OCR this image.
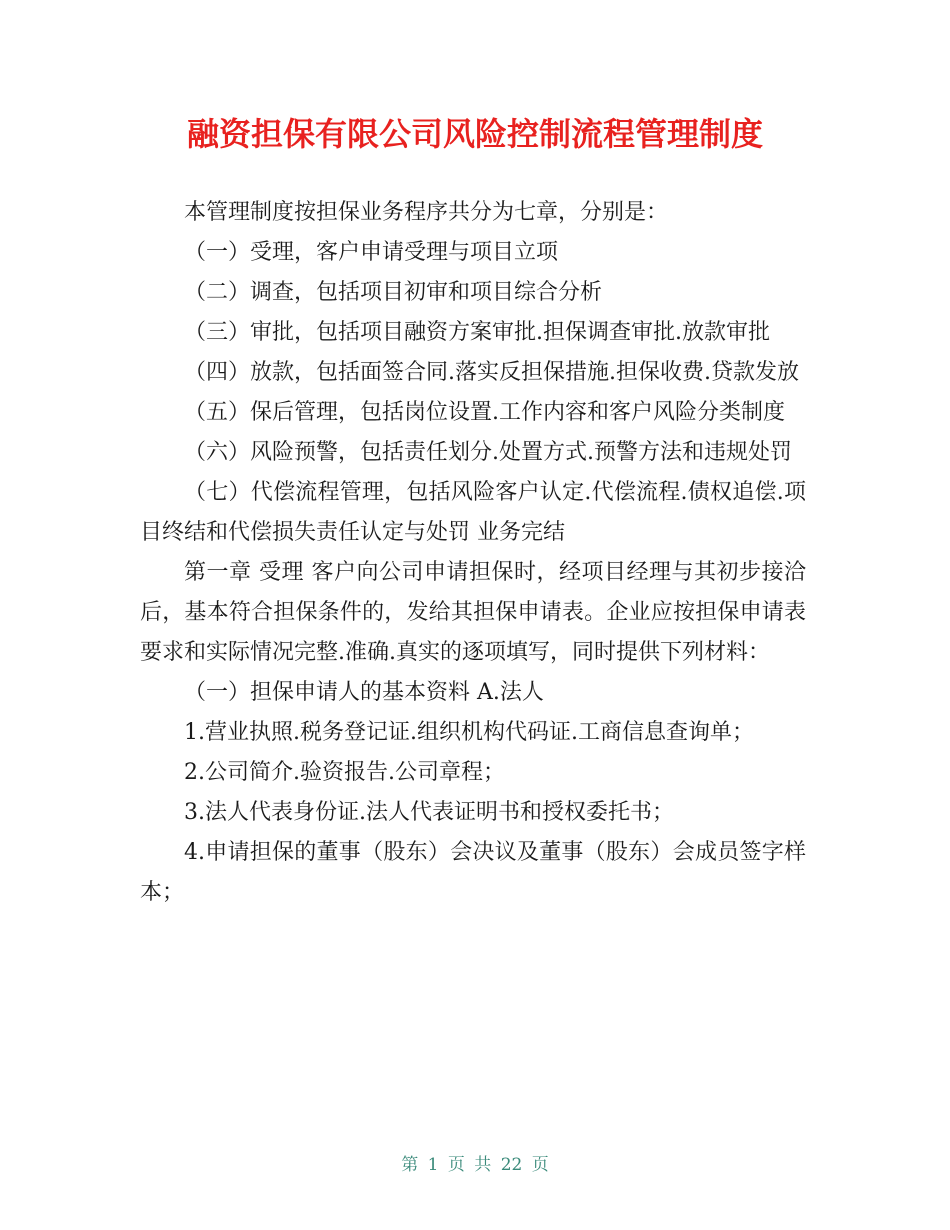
融资担保有限公司风险控制流程管理制度

本管理制度按担保业务程序共分为七章，分别是：

（一）受理，客户申请受理与项目立项

（二）调查，包括项目初审和项目综合分析

（三）审批，包括项目融资方案审批.担保调查审批.放款审批

（四）放款，包括面签合同.落实反担保措施.担保收费.贷款发放

（五）保后管理，包括岗位设置.工作内容和客户风险分类制度

（六）风险预警，包括责任划分.处置方式.预警方法和违规处罚

（七）代偿流程管理，包括风险客户认定.代偿流程.债权追偿.项目终结和代偿损失责任认定与处罚 业务完结

第一章 受理 客户向公司申请担保时，经项目经理与其初步接洽后，基本符合担保条件的，发给其担保申请表。企业应按担保申请表要求和实际情况完整.准确.真实的逐项填写，同时提供下列材料：

（一）担保申请人的基本资料 A.法人

1.营业执照.税务登记证.组织机构代码证.工商信息查询单；

2.公司简介.验资报告.公司章程；

3.法人代表身份证.法人代表证明书和授权委托书；

4.申请担保的董事（股东）会决议及董事（股东）会成员签字样本；

第 1 页 共 22 页
